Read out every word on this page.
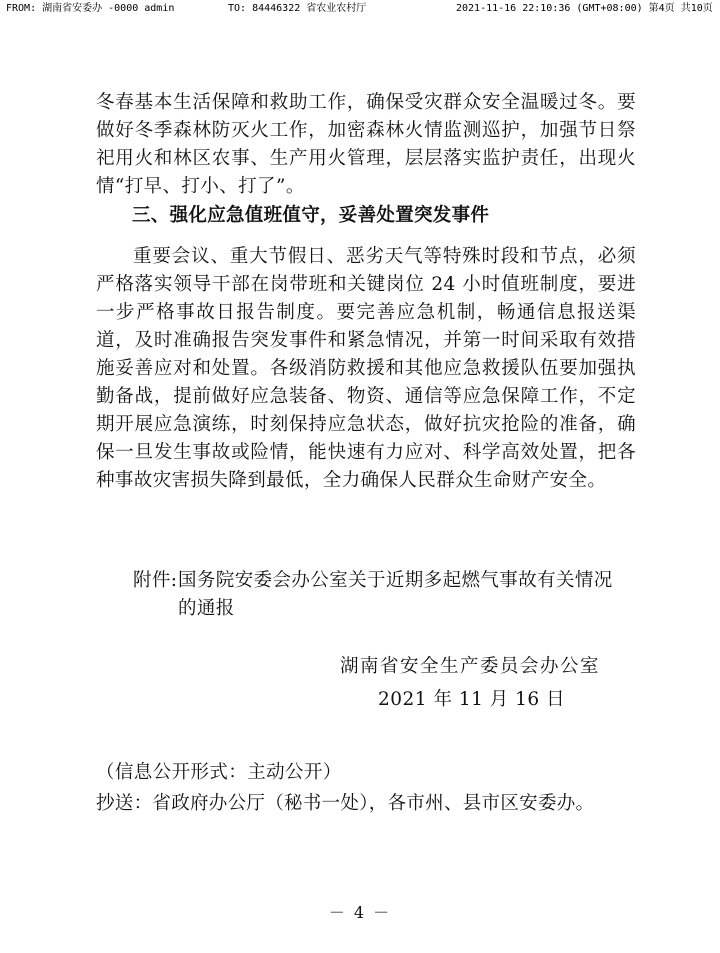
FROM: 湖南省安委办 -0000 admin	TO: 84446322 省农业农村厅	2021-11-16 22:10:36 (GMT+08:00) 第4页 共10页
冬春基本生活保障和救助工作，确保受灾群众安全温暖过冬。要做好冬季森林防灭火工作，加密森林火情监测巡护，加强节日祭祀用火和林区农事、生产用火管理，层层落实监护责任，出现火情“打早、打小、打了”。
三、强化应急值班值守，妥善处置突发事件
重要会议、重大节假日、恶劣天气等特殊时段和节点，必须严格落实领导干部在岗带班和关键岗位 24 小时值班制度，要进一步严格事故日报告制度。要完善应急机制，畅通信息报送渠道，及时准确报告突发事件和紧急情况，并第一时间采取有效措施妥善应对和处置。各级消防救援和其他应急救援队伍要加强执勤备战，提前做好应急装备、物资、通信等应急保障工作，不定期开展应急演练，时刻保持应急状态，做好抗灾抢险的准备，确保一旦发生事故或险情，能快速有力应对、科学高效处置，把各种事故灾害损失降到最低，全力确保人民群众生命财产安全。
附件: 国务院安委会办公室关于近期多起燃气事故有关情况
的通报
湖南省安全生产委员会办公室
2021 年 11 月 16 日
（信息公开形式：主动公开）
抄送：省政府办公厅（秘书一处），各市州、县市区安委办。
－ 4 －
